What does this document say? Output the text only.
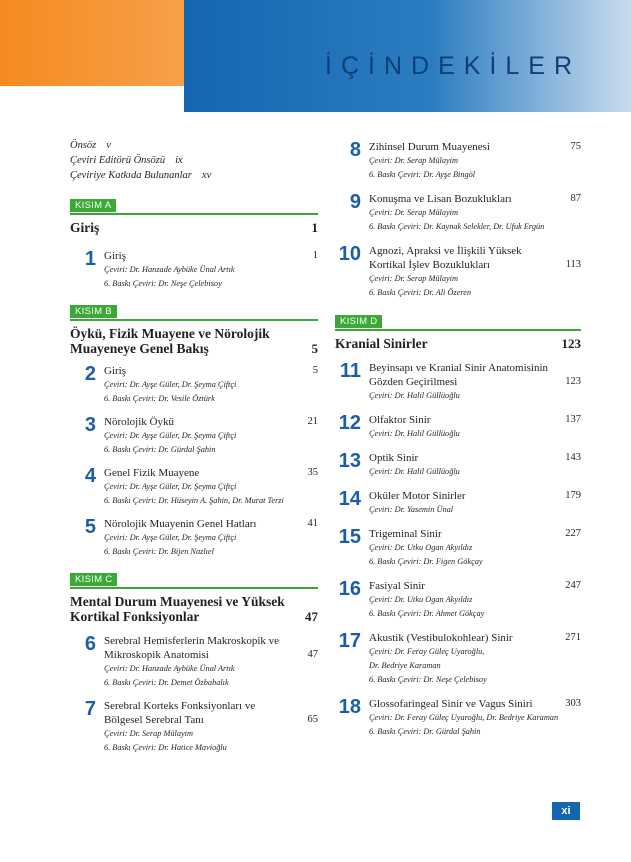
İÇİNDEKİLER
Önsöz v
Çeviri Editörü Önsözü ix
Çeviriye Katkıda Bulunanlar xv
KISIM A
Giriş	1
1 Giriş	1
Çeviri: Dr. Hanzade Aybüke Ünal Artık
6. Baskı Çeviri: Dr. Neşe Çelebisoy
KISIM B
Öykü, Fizik Muayene ve Nörolojik Muayeneye Genel Bakış	5
2 Giriş	5
Çeviri: Dr. Ayşe Güler, Dr. Şeyma Çiftçi
6. Baskı Çeviri: Dr. Vesile Öztürk
3 Nörolojik Öykü	21
Çeviri: Dr. Ayşe Güler, Dr. Şeyma Çiftçi
6. Baskı Çeviri: Dr. Gürdal Şahin
4 Genel Fizik Muayene	35
Çeviri: Dr. Ayşe Güler, Dr. Şeyma Çiftçi
6. Baskı Çeviri: Dr. Hüseyin A. Şahin, Dr. Murat Terzi
5 Nörolojik Muayenin Genel Hatları	41
Çeviri: Dr. Ayşe Güler, Dr. Şeyma Çiftçi
6. Baskı Çeviri: Dr. Bijen Nazlıel
KISIM C
Mental Durum Muayenesi ve Yüksek Kortikal Fonksiyonlar	47
6 Serebral Hemisferlerin Makroskopik ve Mikroskopik Anatomisi	47
Çeviri: Dr. Hanzade Aybüke Ünal Artık
6. Baskı Çeviri: Dr. Demet Özbabalık
7 Serebral Korteks Fonksiyonları ve Bölgesel Serebral Tanı	65
Çeviri: Dr. Serap Mülayim
6. Baskı Çeviri: Dr. Hatice Mavioğlu
8 Zihinsel Durum Muayenesi	75
Çeviri: Dr. Serap Mülayim
6. Baskı Çeviri: Dr. Ayşe Bingöl
9 Konuşma ve Lisan Bozuklukları	87
Çeviri: Dr. Serap Mülayim
6. Baskı Çeviri: Dr. Kaynak Selekler, Dr. Ufuk Ergün
10 Agnozi, Apraksi ve İlişkili Yüksek Kortikal İşlev Bozuklukları	113
Çeviri: Dr. Serap Mülayim
6. Baskı Çeviri: Dr. Ali Özeren
KISIM D
Kranial Sinirler	123
11 Beyinsapı ve Kranial Sinir Anatomisinin Gözden Geçirilmesi	123
Çeviri: Dr. Halil Güllüoğlu
12 Olfaktor Sinir	137
Çeviri: Dr. Halil Güllüoğlu
13 Optik Sinir	143
Çeviri: Dr. Halil Güllüoğlu
14 Oküler Motor Sinirler	179
Çeviri: Dr. Yasemin Ünal
15 Trigeminal Sinir	227
Çeviri: Dr. Utku Ogan Akyıldız
6. Baskı Çeviri: Dr. Figen Gökçay
16 Fasiyal Sinir	247
Çeviri: Dr. Utku Ogan Akyıldız
6. Baskı Çeviri: Dr. Ahmet Gökçay
17 Akustik (Vestibulokohlear) Sinir	271
Çeviri: Dr. Feray Güleç Uyaroğlu,
Dr. Bedriye Karaman
6. Baskı Çeviri: Dr. Neşe Çelebisoy
18 Glossofaringeal Sinir ve Vagus Siniri	303
Çeviri: Dr. Feray Güleç Uyaroğlu, Dr. Bedriye Karaman
6. Baskı Çeviri: Dr. Gürdal Şahin
xi
